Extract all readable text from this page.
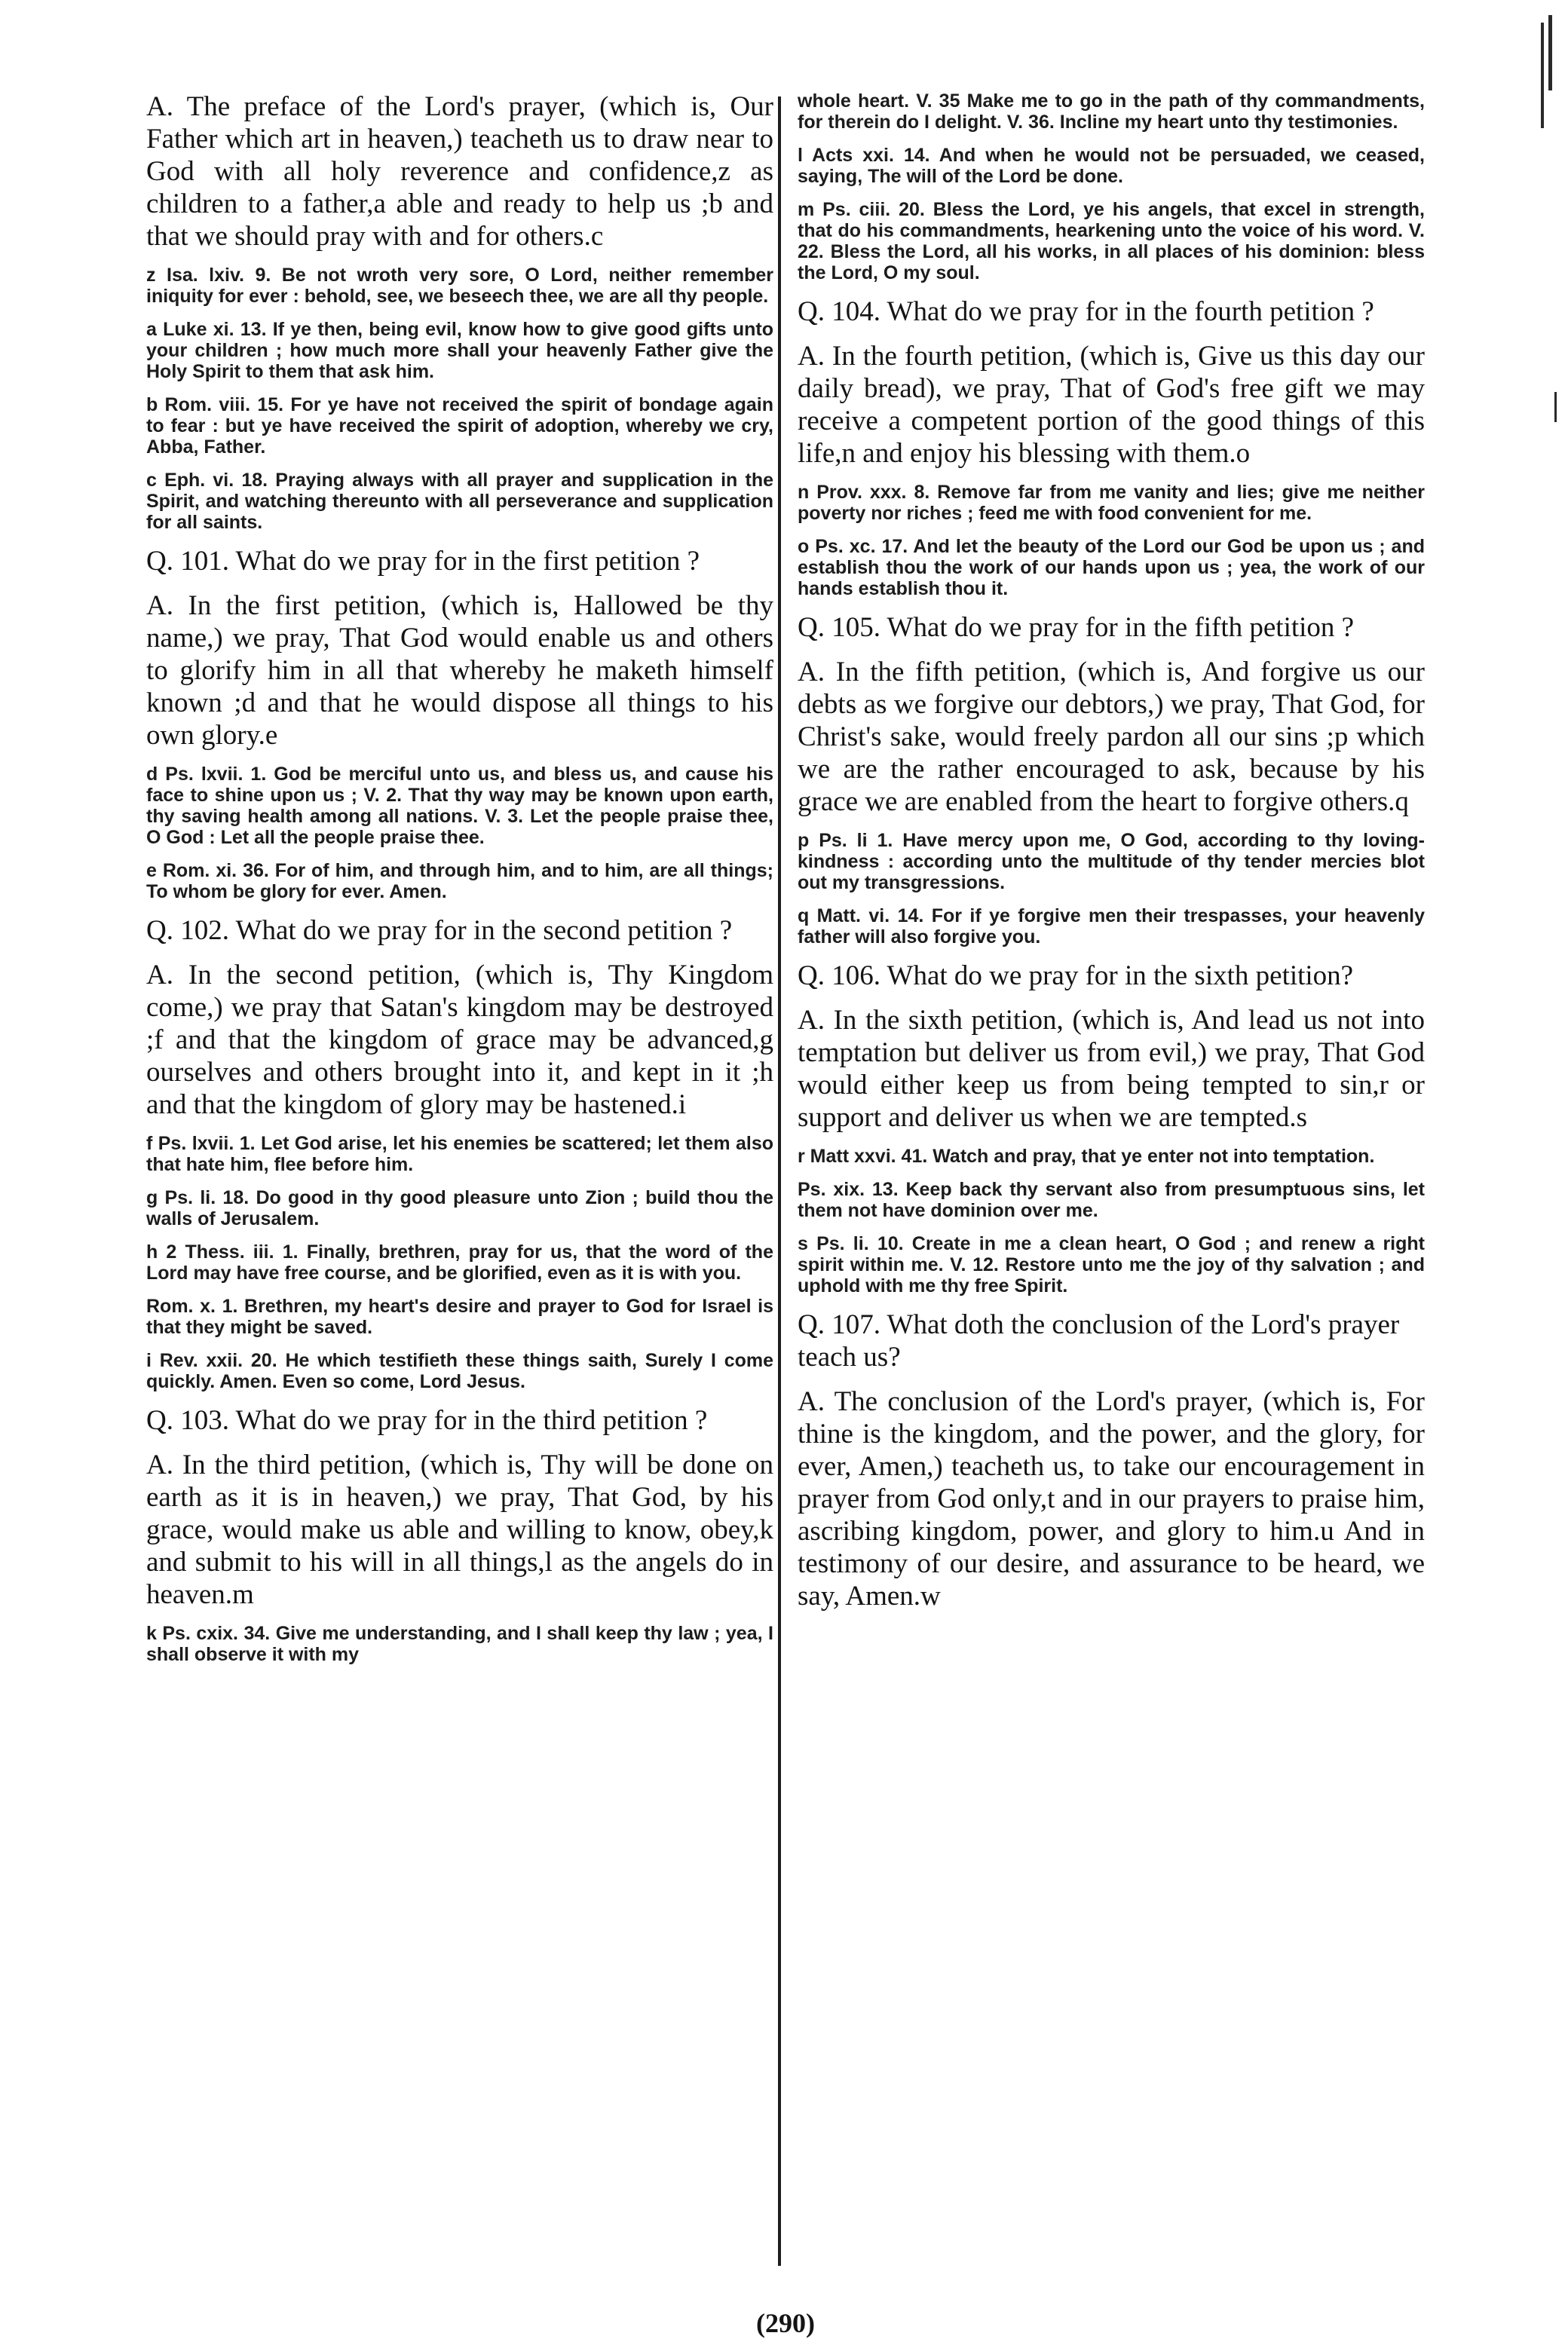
A. The preface of the Lord's prayer, (which is, Our Father which art in heaven,) teacheth us to draw near to God with all holy reverence and confidence,z as children to a father,a able and ready to help us ;b and that we should pray with and for others.c

z Isa. lxiv. 9. Be not wroth very sore, O Lord, neither remember iniquity for ever : behold, see, we beseech thee, we are all thy people.

a Luke xi. 13. If ye then, being evil, know how to give good gifts unto your children ; how much more shall your heavenly Father give the Holy Spirit to them that ask him.

b Rom. viii. 15. For ye have not received the spirit of bondage again to fear : but ye have received the spirit of adoption, whereby we cry, Abba, Father.

c Eph. vi. 18. Praying always with all prayer and supplication in the Spirit, and watching thereunto with all perseverance and supplication for all saints.

Q. 101. What do we pray for in the first petition ?

A. In the first petition, (which is, Hallowed be thy name,) we pray, That God would enable us and others to glorify him in all that whereby he maketh himself known ;d and that he would dispose all things to his own glory.e

d Ps. lxvii. 1. God be merciful unto us, and bless us, and cause his face to shine upon us ; V. 2. That thy way may be known upon earth, thy saving health among all nations. V. 3. Let the people praise thee, O God : Let all the people praise thee.

e Rom. xi. 36. For of him, and through him, and to him, are all things; To whom be glory for ever. Amen.

Q. 102. What do we pray for in the second petition ?

A. In the second petition, (which is, Thy Kingdom come,) we pray that Satan's kingdom may be destroyed ;f and that the kingdom of grace may be advanced,g ourselves and others brought into it, and kept in it ;h and that the kingdom of glory may be hastened.i

f Ps. lxvii. 1. Let God arise, let his enemies be scattered; let them also that hate him, flee before him.

g Ps. li. 18. Do good in thy good pleasure unto Zion ; build thou the walls of Jerusalem.

h 2 Thess. iii. 1. Finally, brethren, pray for us, that the word of the Lord may have free course, and be glorified, even as it is with you.

Rom. x. 1. Brethren, my heart's desire and prayer to God for Israel is that they might be saved.

i Rev. xxii. 20. He which testifieth these things saith, Surely I come quickly. Amen. Even so come, Lord Jesus.

Q. 103. What do we pray for in the third petition ?

A. In the third petition, (which is, Thy will be done on earth as it is in heaven,) we pray, That God, by his grace, would make us able and willing to know, obey,k and submit to his will in all things,l as the angels do in heaven.m

k Ps. cxix. 34. Give me understanding, and I shall keep thy law ; yea, I shall observe it with my

whole heart. V. 35 Make me to go in the path of thy commandments, for therein do I delight. V. 36. Incline my heart unto thy testimonies.

l Acts xxi. 14. And when he would not be persuaded, we ceased, saying, The will of the Lord be done.

m Ps. ciii. 20. Bless the Lord, ye his angels, that excel in strength, that do his commandments, hearkening unto the voice of his word. V. 22. Bless the Lord, all his works, in all places of his dominion: bless the Lord, O my soul.

Q. 104. What do we pray for in the fourth petition ?

A. In the fourth petition, (which is, Give us this day our daily bread), we pray, That of God's free gift we may receive a competent portion of the good things of this life,n and enjoy his blessing with them.o

n Prov. xxx. 8. Remove far from me vanity and lies; give me neither poverty nor riches ; feed me with food convenient for me.

o Ps. xc. 17. And let the beauty of the Lord our God be upon us ; and establish thou the work of our hands upon us ; yea, the work of our hands establish thou it.

Q. 105. What do we pray for in the fifth petition ?

A. In the fifth petition, (which is, And forgive us our debts as we forgive our debtors,) we pray, That God, for Christ's sake, would freely pardon all our sins ;p which we are the rather encouraged to ask, because by his grace we are enabled from the heart to forgive others.q

p Ps. li 1. Have mercy upon me, O God, according to thy loving-kindness : according unto the multitude of thy tender mercies blot out my transgressions.

q Matt. vi. 14. For if ye forgive men their trespasses, your heavenly father will also forgive you.

Q. 106. What do we pray for in the sixth petition?

A. In the sixth petition, (which is, And lead us not into temptation but deliver us from evil,) we pray, That God would either keep us from being tempted to sin,r or support and deliver us when we are tempted.s

r Matt xxvi. 41. Watch and pray, that ye enter not into temptation.

Ps. xix. 13. Keep back thy servant also from presumptuous sins, let them not have dominion over me.

s Ps. li. 10. Create in me a clean heart, O God ; and renew a right spirit within me. V. 12. Restore unto me the joy of thy salvation ; and uphold with me thy free Spirit.

Q. 107. What doth the conclusion of the Lord's prayer teach us?

A. The conclusion of the Lord's prayer, (which is, For thine is the kingdom, and the power, and the glory, for ever, Amen,) teacheth us, to take our encouragement in prayer from God only,t and in our prayers to praise him, ascribing kingdom, power, and glory to him.u And in testimony of our desire, and assurance to be heard, we say, Amen.w

(290)
